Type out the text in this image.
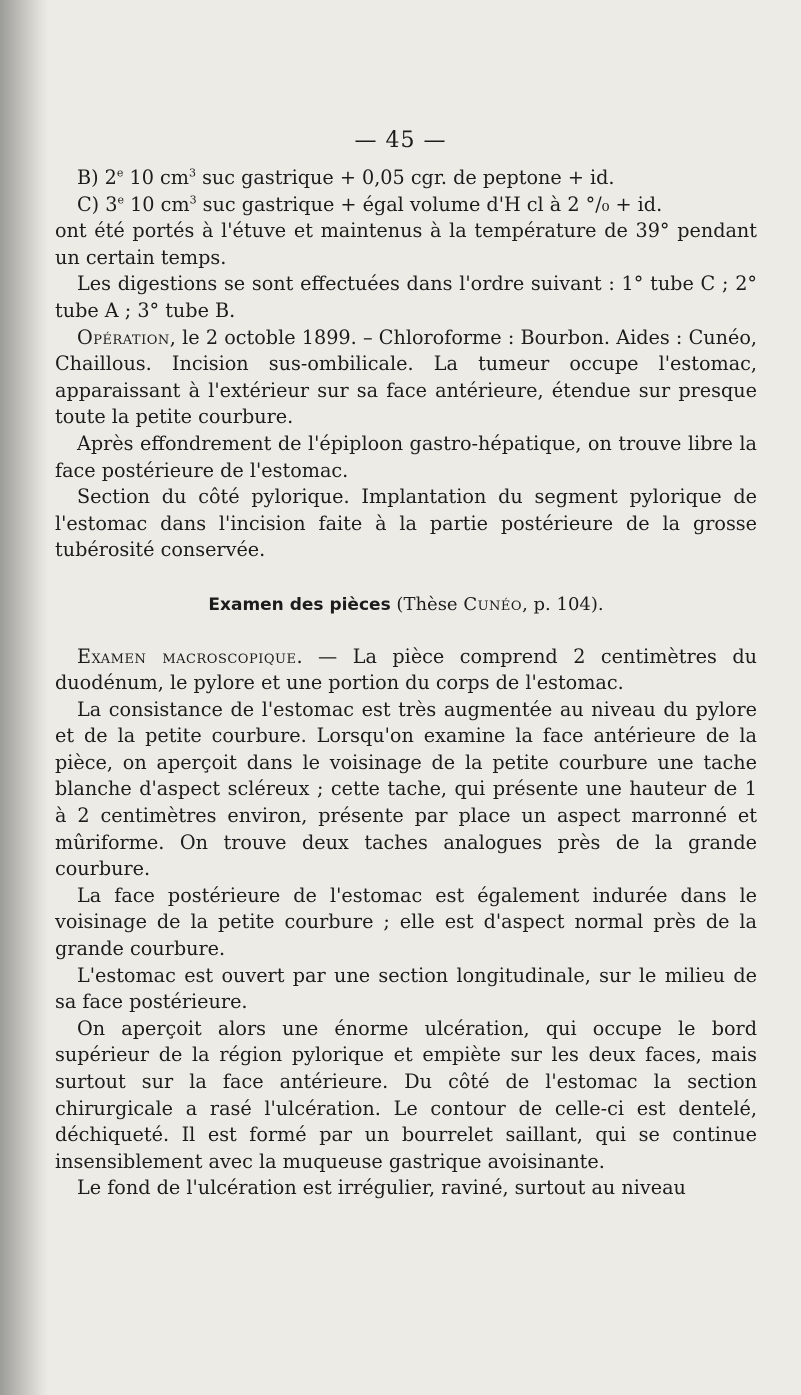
— 45 —

B) 2e 10 $cm^3$ suc gastrique + 0,05 cgr. de peptone + id.

C) 3e 10 $cm^3$ suc gastrique + égal volume d'H cl à 2 °/₀ + id.

ont été portés à l'étuve et maintenus à la température de 39° pendant un certain temps.

Les digestions se sont effectuées dans l'ordre suivant : 1° tube C ; 2° tube A ; 3° tube B.

Opération, le 2 octoble 1899. – Chloroforme : Bourbon. Aides : Cunéo, Chaillous. Incision sus-ombilicale. La tumeur occupe l'estomac, apparaissant à l'extérieur sur sa face antérieure, étendue sur presque toute la petite courbure.

Après effondrement de l'épiploon gastro-hépatique, on trouve libre la face postérieure de l'estomac.

Section du côté pylorique. Implantation du segment pylorique de l'estomac dans l'incision faite à la partie postérieure de la grosse tubérosité conservée.

Examen des pièces (Thèse Cunéo, p. 104).

Examen macroscopique. — La pièce comprend 2 centimètres du duodénum, le pylore et une portion du corps de l'estomac.

La consistance de l'estomac est très augmentée au niveau du pylore et de la petite courbure. Lorsqu'on examine la face antérieure de la pièce, on aperçoit dans le voisinage de la petite courbure une tache blanche d'aspect scléreux ; cette tache, qui présente une hauteur de 1 à 2 centimètres environ, présente par place un aspect marronné et mûriforme. On trouve deux taches analogues près de la grande courbure.

La face postérieure de l'estomac est également indurée dans le voisinage de la petite courbure ; elle est d'aspect normal près de la grande courbure.

L'estomac est ouvert par une section longitudinale, sur le milieu de sa face postérieure.

On aperçoit alors une énorme ulcération, qui occupe le bord supérieur de la région pylorique et empiète sur les deux faces, mais surtout sur la face antérieure. Du côté de l'estomac la section chirurgicale a rasé l'ulcération. Le contour de celle-ci est dentelé, déchiqueté. Il est formé par un bourrelet saillant, qui se continue insensiblement avec la muqueuse gastrique avoisinante.

Le fond de l'ulcération est irrégulier, raviné, surtout au niveau
